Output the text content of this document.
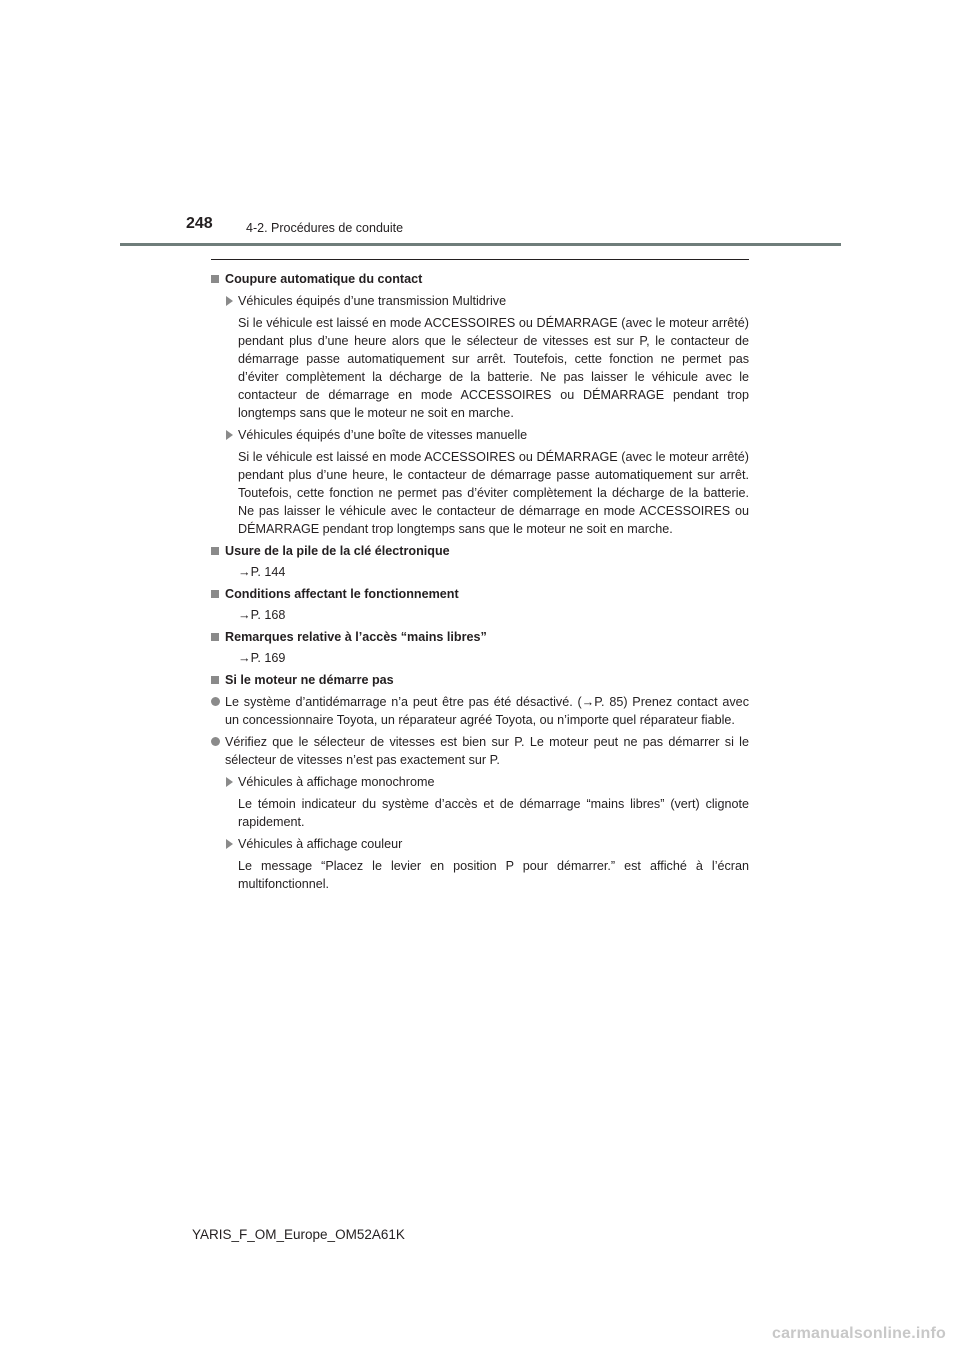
248	4-2. Procédures de conduite
Coupure automatique du contact
Véhicules équipés d’une transmission Multidrive
Si le véhicule est laissé en mode ACCESSOIRES ou DÉMARRAGE (avec le moteur arrêté) pendant plus d’une heure alors que le sélecteur de vitesses est sur P, le contacteur de démarrage passe automatiquement sur arrêt. Toutefois, cette fonction ne permet pas d’éviter complètement la décharge de la batterie. Ne pas laisser le véhicule avec le contacteur de démarrage en mode ACCESSOIRES ou DÉMARRAGE pendant trop longtemps sans que le moteur ne soit en marche.
Véhicules équipés d’une boîte de vitesses manuelle
Si le véhicule est laissé en mode ACCESSOIRES ou DÉMARRAGE (avec le moteur arrêté) pendant plus d’une heure, le contacteur de démarrage passe automatiquement sur arrêt. Toutefois, cette fonction ne permet pas d’éviter complètement la décharge de la batterie. Ne pas laisser le véhicule avec le contacteur de démarrage en mode ACCESSOIRES ou DÉMARRAGE pendant trop longtemps sans que le moteur ne soit en marche.
Usure de la pile de la clé électronique
→P. 144
Conditions affectant le fonctionnement
→P. 168
Remarques relative à l’accès “mains libres”
→P. 169
Si le moteur ne démarre pas
Le système d’antidémarrage n’a peut être pas été désactivé. (→P. 85) Prenez contact avec un concessionnaire Toyota, un réparateur agréé Toyota, ou n’importe quel réparateur fiable.
Vérifiez que le sélecteur de vitesses est bien sur P. Le moteur peut ne pas démarrer si le sélecteur de vitesses n’est pas exactement sur P.
Véhicules à affichage monochrome
Le témoin indicateur du système d’accès et de démarrage “mains libres” (vert) clignote rapidement.
Véhicules à affichage couleur
Le message “Placez le levier en position P pour démarrer.” est affiché à l’écran multifonctionnel.
YARIS_F_OM_Europe_OM52A61K
carmanualsonline.info
